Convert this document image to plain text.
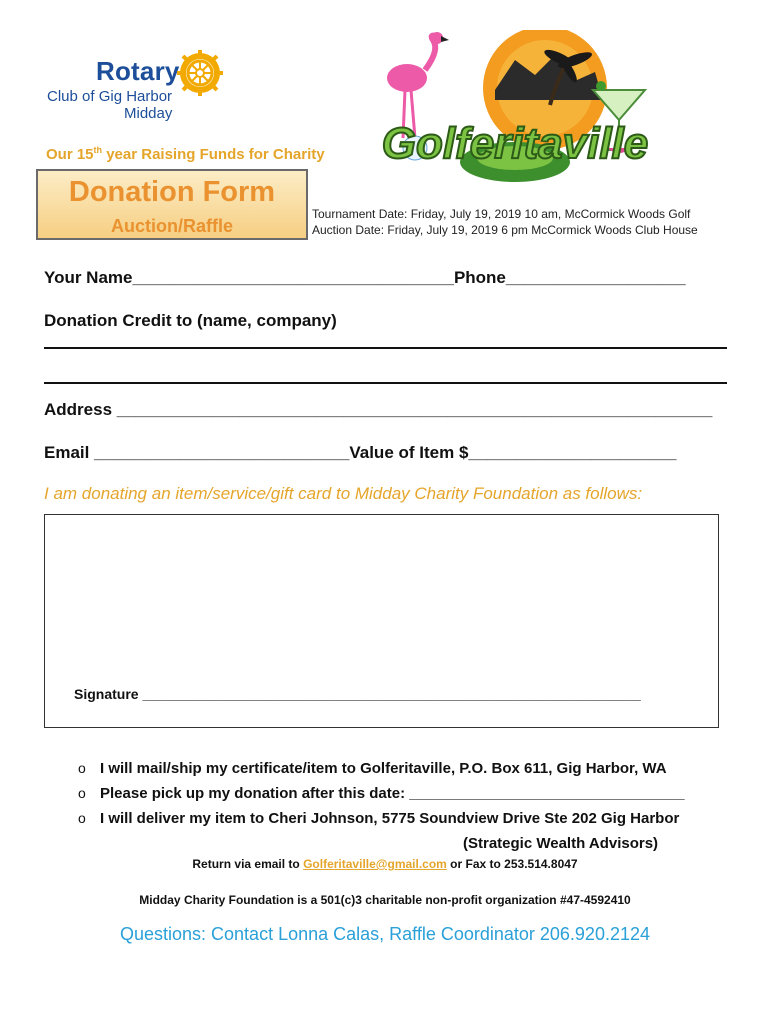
Rotary
Club of Gig Harbor
Midday
Our 15th year Raising Funds for Charity Golferitaville
Donation Form
Auction/Raffle
Tournament Date: Friday, July 19, 2019 10 am, McCormick Woods Golf
Auction Date: Friday, July 19, 2019 6 pm McCormick Woods Club House
Your Name__________________________________Phone___________________
Donation Credit to (name, company)
Address _______________________________________________________________
Email ___________________________Value of Item $______________________
I am donating an item/service/gift card to Midday Charity Foundation as follows:
Signature ________________________________________________________________
o I will mail/ship my certificate/item to Golferitaville, P.O. Box 611, Gig Harbor, WA
o Please pick up my donation after this date: _________________________________
o I will deliver my item to Cheri Johnson, 5775 Soundview Drive Ste 202 Gig Harbor
(Strategic Wealth Advisors)
Return via email to Golferitaville@gmail.com or Fax to 253.514.8047
Midday Charity Foundation is a 501(c)3 charitable non-profit organization #47-4592410
Questions: Contact Lonna Calas, Raffle Coordinator 206.920.2124
